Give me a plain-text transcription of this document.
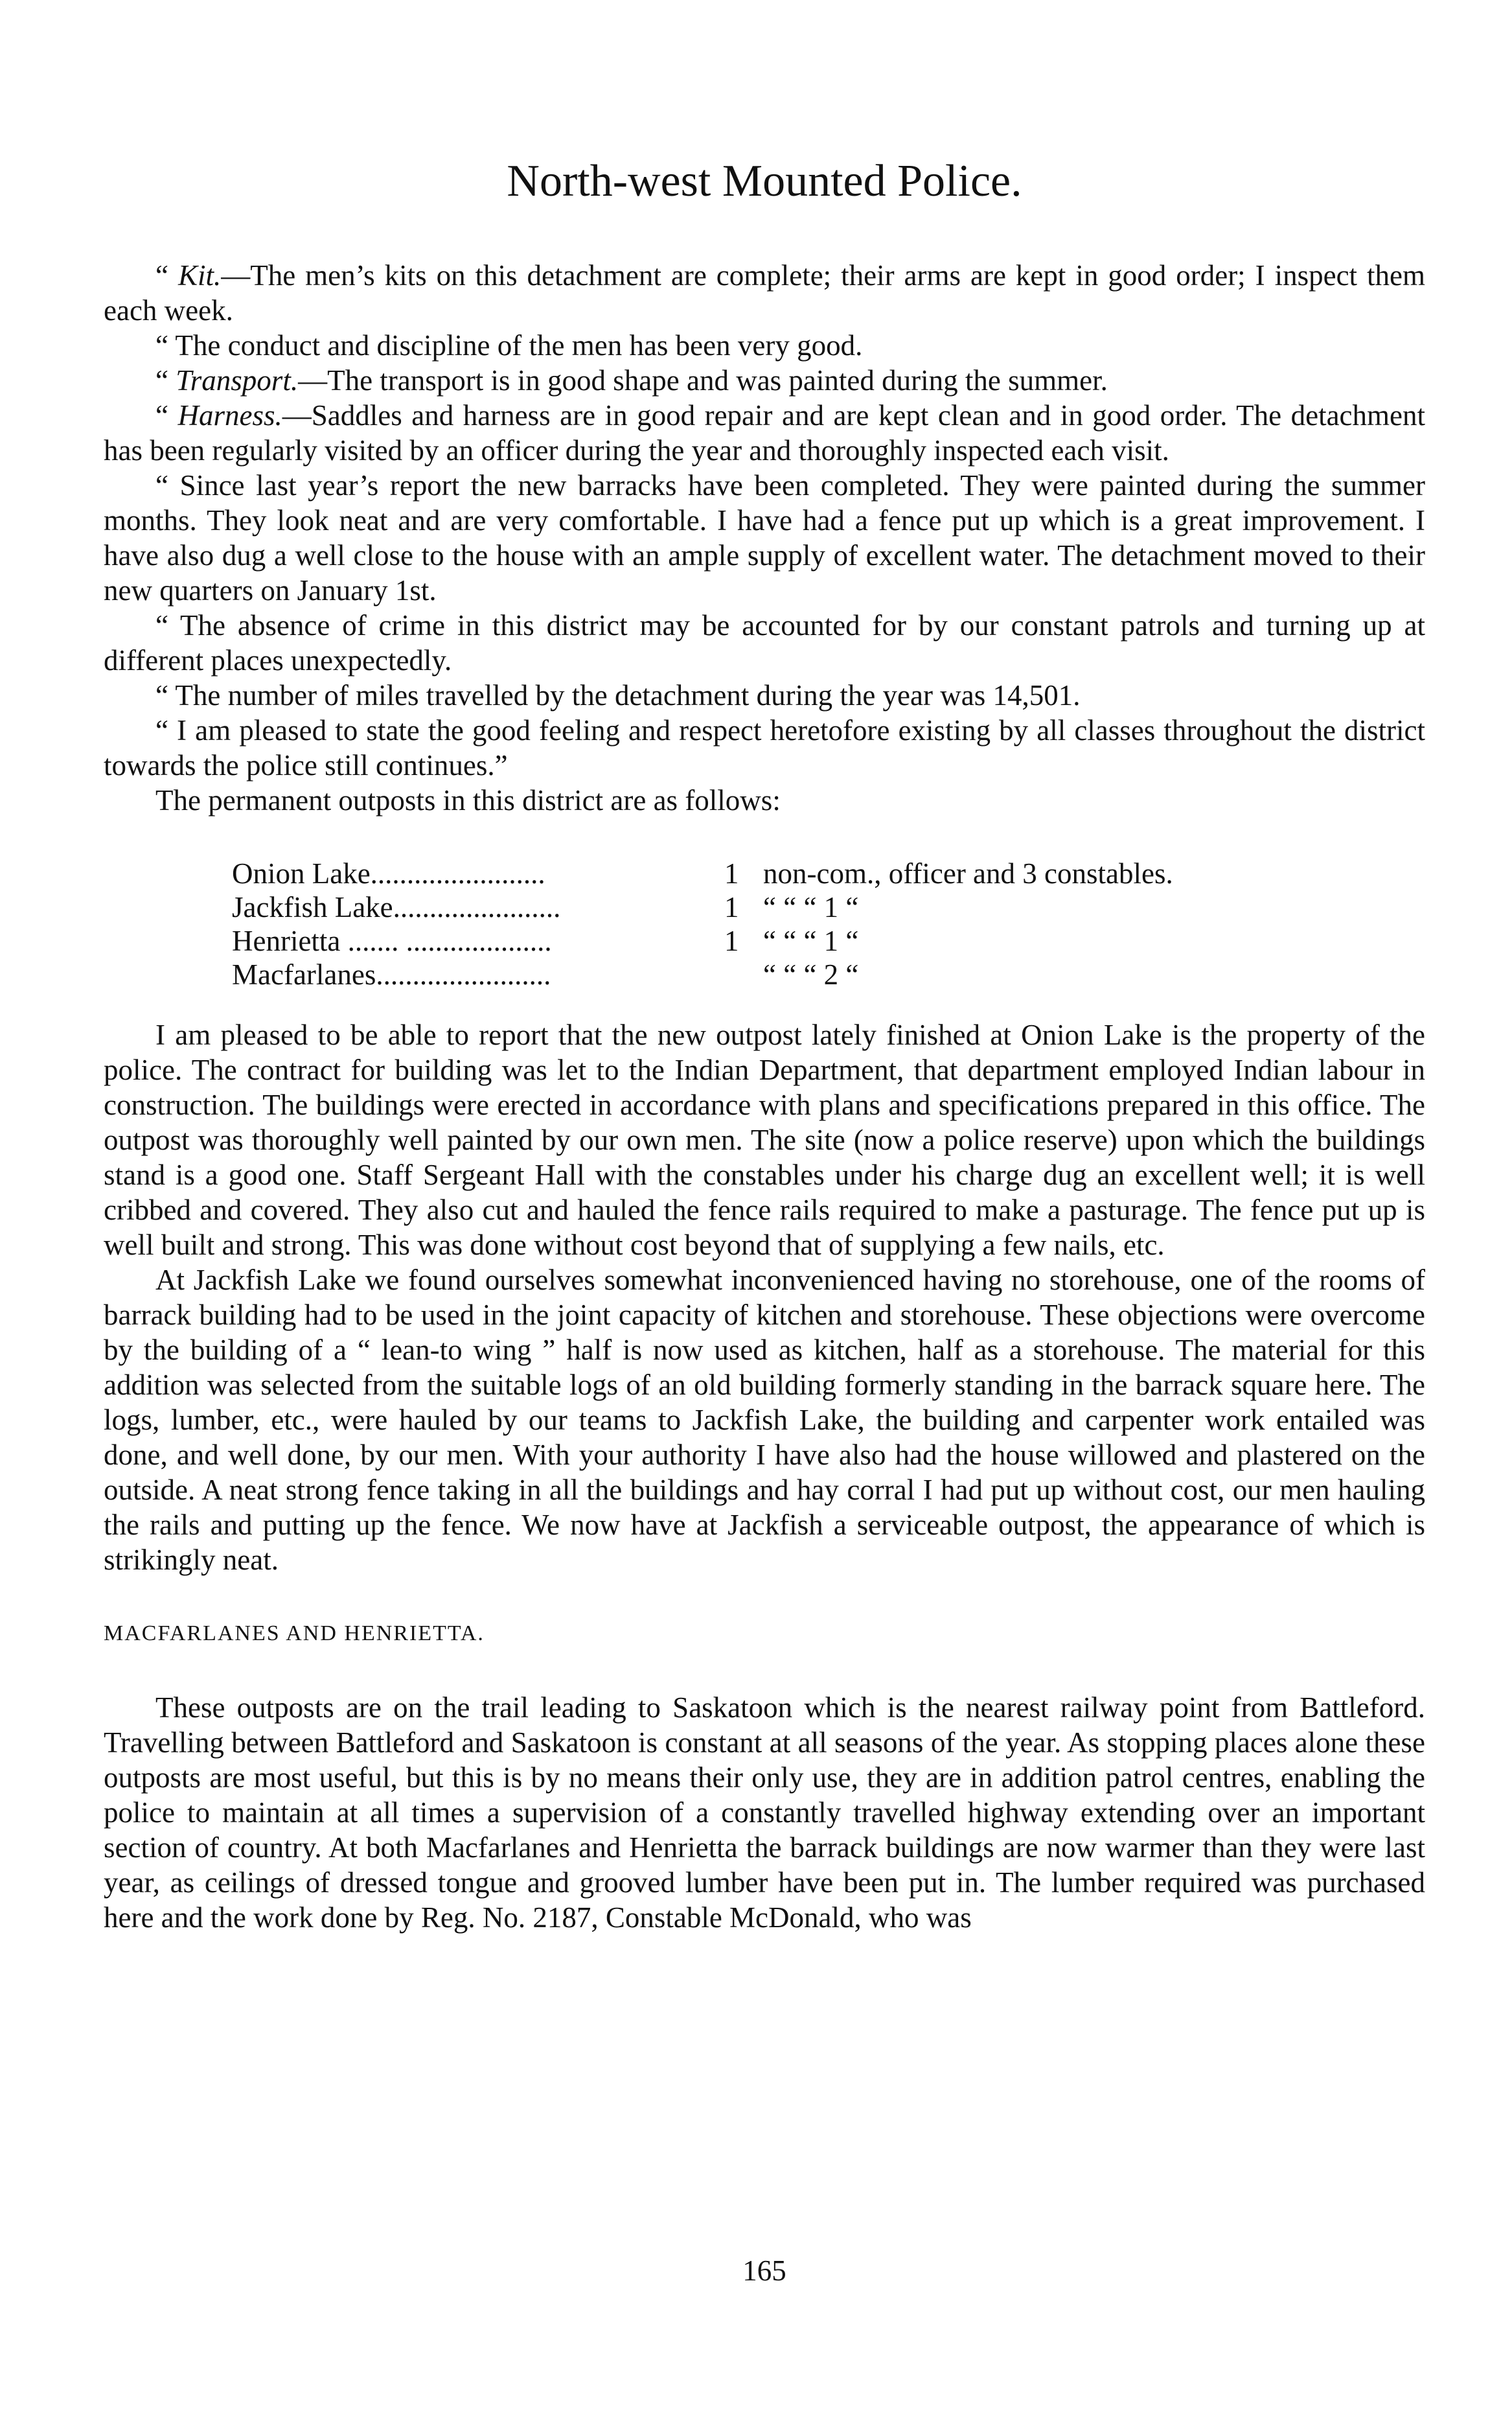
North-west Mounted Police.

“ Kit.—The men’s kits on this detachment are complete; their arms are kept in good order; I inspect them each week.

“ The conduct and discipline of the men has been very good.

“ Transport.—The transport is in good shape and was painted during the summer.

“ Harness.—Saddles and harness are in good repair and are kept clean and in good order. The detachment has been regularly visited by an officer during the year and thoroughly inspected each visit.

“ Since last year’s report the new barracks have been completed. They were painted during the summer months. They look neat and are very comfortable. I have had a fence put up which is a great improvement. I have also dug a well close to the house with an ample supply of excellent water. The detachment moved to their new quarters on January 1st.

“ The absence of crime in this district may be accounted for by our constant patrols and turning up at different places unexpectedly.

“ The number of miles travelled by the detachment during the year was 14,501.

“ I am pleased to state the good feeling and respect heretofore existing by all classes throughout the district towards the police still continues.”

The permanent outposts in this district are as follows:

Onion Lake........................	1	non-com., officer and 3 constables.
Jackfish Lake.......................	1	“ “ “ 1 “
Henrietta ....... ....................	1	“ “ “ 1 “
Macfarlanes........................		“ “ “ 2 “

I am pleased to be able to report that the new outpost lately finished at Onion Lake is the property of the police. The contract for building was let to the Indian Department, that department employed Indian labour in construction. The buildings were erected in accordance with plans and specifications prepared in this office. The outpost was thoroughly well painted by our own men. The site (now a police reserve) upon which the buildings stand is a good one. Staff Sergeant Hall with the constables under his charge dug an excellent well; it is well cribbed and covered. They also cut and hauled the fence rails required to make a pasturage. The fence put up is well built and strong. This was done without cost beyond that of supplying a few nails, etc.

At Jackfish Lake we found ourselves somewhat inconvenienced having no storehouse, one of the rooms of barrack building had to be used in the joint capacity of kitchen and storehouse. These objections were overcome by the building of a “ lean-to wing ” half is now used as kitchen, half as a storehouse. The material for this addition was selected from the suitable logs of an old building formerly standing in the barrack square here. The logs, lumber, etc., were hauled by our teams to Jackfish Lake, the building and carpenter work entailed was done, and well done, by our men. With your authority I have also had the house willowed and plastered on the outside. A neat strong fence taking in all the buildings and hay corral I had put up without cost, our men hauling the rails and putting up the fence. We now have at Jackfish a serviceable outpost, the appearance of which is strikingly neat.

MACFARLANES AND HENRIETTA.

These outposts are on the trail leading to Saskatoon which is the nearest railway point from Battleford. Travelling between Battleford and Saskatoon is constant at all seasons of the year. As stopping places alone these outposts are most useful, but this is by no means their only use, they are in addition patrol centres, enabling the police to maintain at all times a supervision of a constantly travelled highway extending over an important section of country. At both Macfarlanes and Henrietta the barrack buildings are now warmer than they were last year, as ceilings of dressed tongue and grooved lumber have been put in. The lumber required was purchased here and the work done by Reg. No. 2187, Constable McDonald, who was

165
